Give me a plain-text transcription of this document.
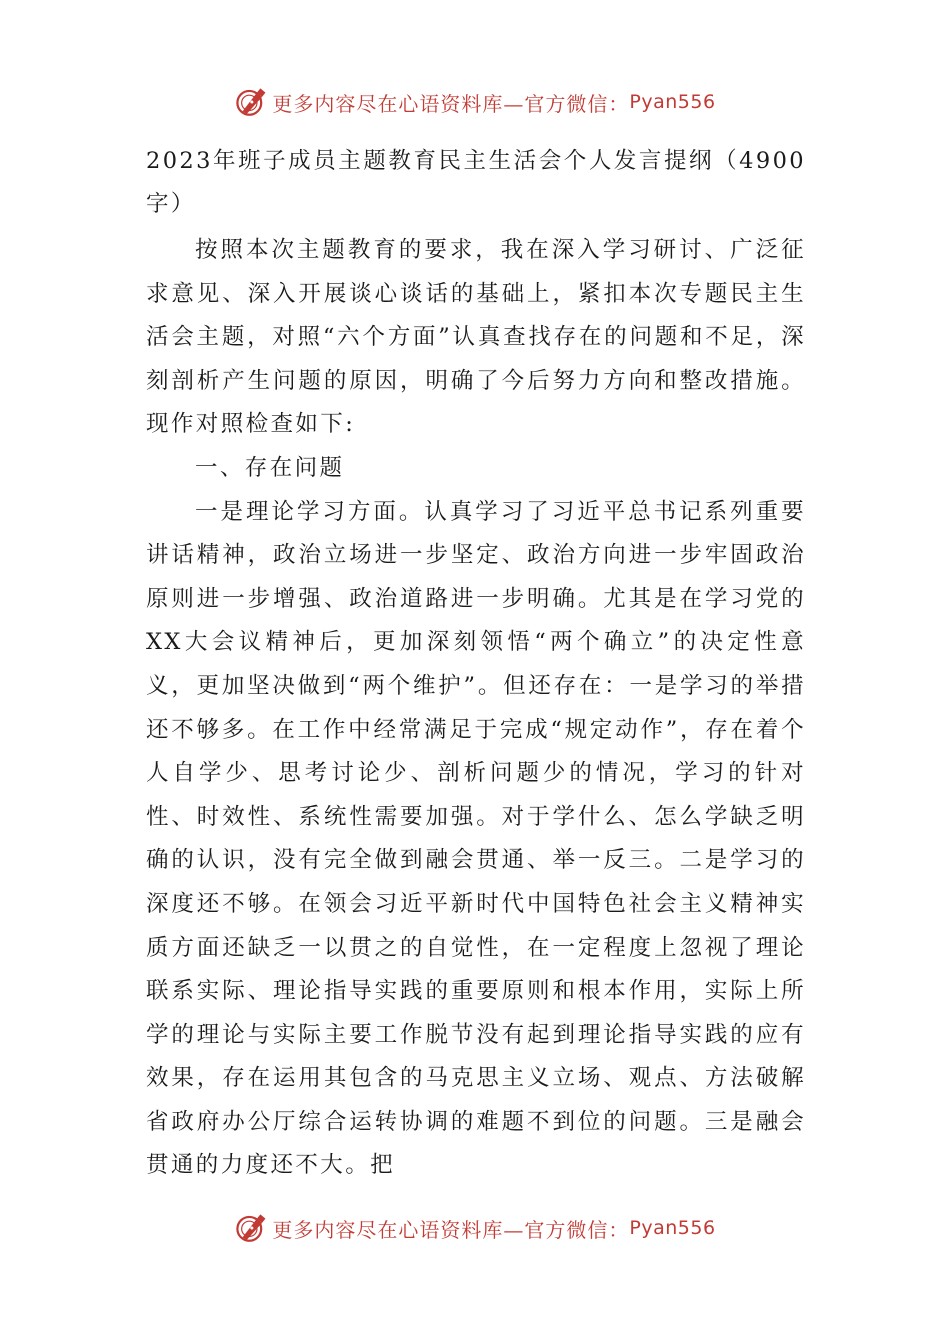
更多内容尽在心语资料库—官方微信： Pyan556

2023年班子成员主题教育民主生活会个人发言提纲（4900字）

按照本次主题教育的要求，我在深入学习研讨、广泛征求意见、深入开展谈心谈话的基础上，紧扣本次专题民主生活会主题，对照“六个方面”认真查找存在的问题和不足，深刻剖析产生问题的原因，明确了今后努力方向和整改措施。现作对照检查如下:

一、存在问题

一是理论学习方面。认真学习了习近平总书记系列重要讲话精神，政治立场进一步坚定、政治方向进一步牢固政治原则进一步增强、政治道路进一步明确。尤其是在学习党的XX大会议精神后，更加深刻领悟“两个确立”的决定性意义，更加坚决做到“两个维护”。但还存在：一是学习的举措还不够多。在工作中经常满足于完成“规定动作”，存在着个人自学少、思考讨论少、剖析问题少的情况，学习的针对性、时效性、系统性需要加强。对于学什么、怎么学缺乏明确的认识，没有完全做到融会贯通、举一反三。二是学习的深度还不够。在领会习近平新时代中国特色社会主义精神实质方面还缺乏一以贯之的自觉性，在一定程度上忽视了理论联系实际、理论指导实践的重要原则和根本作用，实际上所学的理论与实际主要工作脱节没有起到理论指导实践的应有效果，存在运用其包含的马克思主义立场、观点、方法破解省政府办公厅综合运转协调的难题不到位的问题。三是融会贯通的力度还不大。把

更多内容尽在心语资料库—官方微信： Pyan556
